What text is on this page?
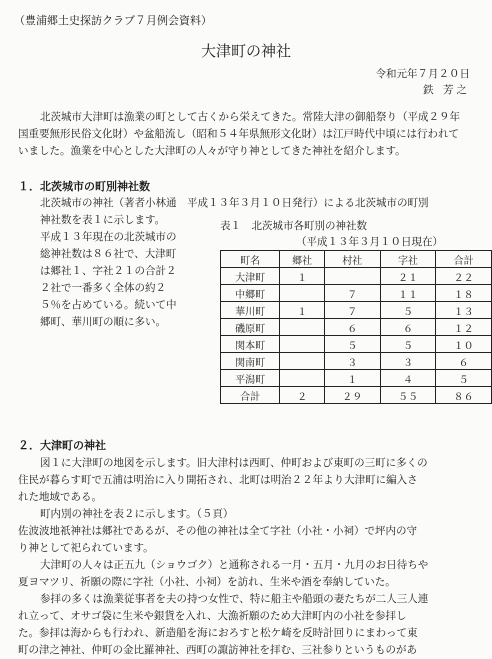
（豊浦郷土史探訪クラブ７月例会資料）
大津町の神社
令和元年７月２０日
鉄 芳之
北茨城市大津町は漁業の町として古くから栄えてきた。常陸大津の御船祭り（平成２９年
国重要無形民俗文化財）や盆船流し（昭和５４年県無形文化財）は江戸時代中頃には行われて
いました。漁業を中心とした大津町の人々が守り神としてきた神社を紹介します。
１．北茨城市の町別神社数
北茨城市の神社（著者小林通　平成１３年３月１０日発行）による北茨城市の町別
神社数を表１に示します。
平成１３年現在の北茨城市の
総神社数は８６社で、大津町
は郷社１、字社２１の合計２
２社で一番多く全体の約２
５％を占めている。続いて中
郷町、華川町の順に多い。
表１　北茨城市各町別の神社数
（平成１３年３月１０日現在）
町名	郷社	村社	字社	合計
大津町	１		２１	２２
中郷町		７	１１	１８
華川町	１	７	５	１３
磯原町		６	６	１２
関本町		５	５	１０
関南町		３	３	６
平潟町		１	４	５
合計	２	２９	５５	８６
２．大津町の神社
図１に大津町の地図を示します。旧大津村は西町、仲町および東町の三町に多くの
住民が暮らす町で五浦は明治に入り開拓され、北町は明治２２年より大津町に編入さ
れた地域である。
町内別の神社を表２に示します。（５頁）
佐波波地祇神社は郷社であるが、その他の神社は全て字社（小社・小祠）で坪内の守
り神として祀られています。
大津町の人々は正五九（ショウゴク）と通称される一月・五月・九月のお日待ちや
夏ヨマツリ、祈願の際に字社（小社、小祠）を訪れ、生米や酒を奉納していた。
参拝の多くは漁業従事者を夫の持つ女性で、特に船主や船頭の妻たちが二人三人連
れ立って、オサゴ袋に生米や銀貨を入れ、大漁祈願のため大津町内の小社を参拝し
た。参拝は海からも行われ、新造船を海におろすと松ケ崎を反時計回りにまわって東
町の津之神社、仲町の金比羅神社、西町の諏訪神社を拝む、三社参りというものがあ
